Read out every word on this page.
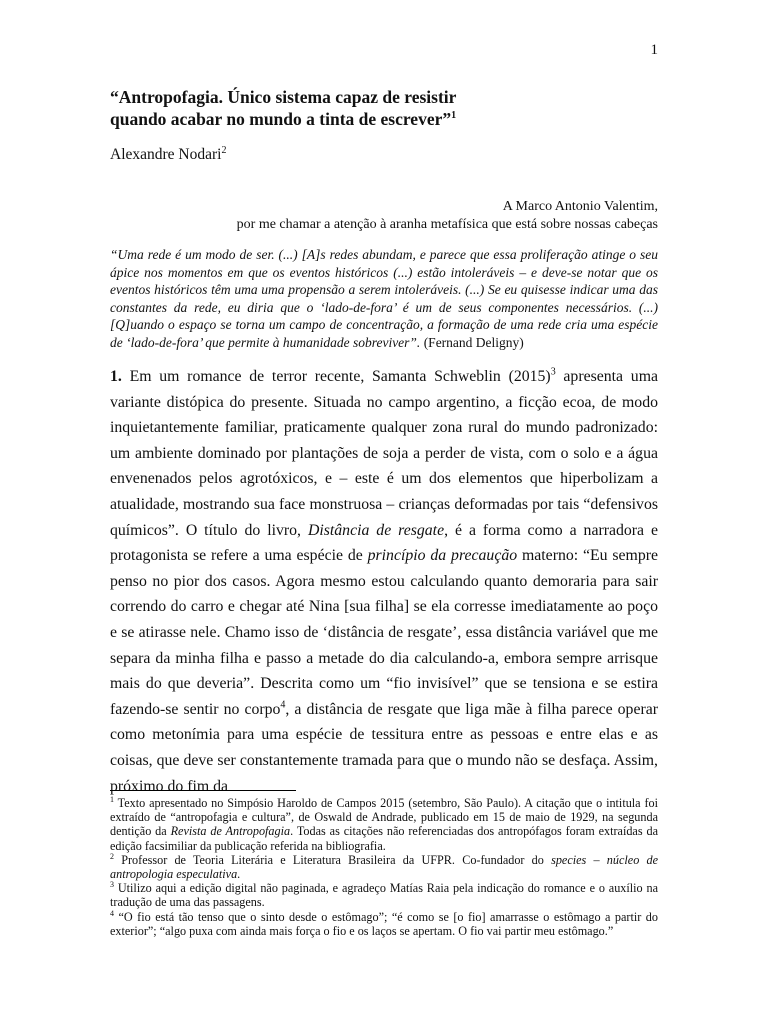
1
“Antropofagia. Único sistema capaz de resistir
quando acabar no mundo a tinta de escrever”$^1$
Alexandre Nodari$^2$
A Marco Antonio Valentim,
por me chamar a atenção à aranha metafísica que está sobre nossas cabeças

“Uma rede é um modo de ser. (...) [A]s redes abundam, e parece que essa proliferação atinge o seu ápice nos momentos em que os eventos históricos (...) estão intoleráveis – e deve-se notar que os eventos históricos têm uma uma propensão a serem intoleráveis. (...) Se eu quisesse indicar uma das constantes da rede, eu diria que o ‘lado-de-fora’ é um de seus componentes necessários. (...) [Q]uando o espaço se torna um campo de concentração, a formação de uma rede cria uma espécie de ‘lado-de-fora’ que permite à humanidade sobreviver”. (Fernand Deligny)

1. Em um romance de terror recente, Samanta Schweblin $(2015)^3$ apresenta uma variante distópica do presente. Situada no campo argentino, a ficção ecoa, de modo inquietantemente familiar, praticamente qualquer zona rural do mundo padronizado: um ambiente dominado por plantações de soja a perder de vista, com o solo e a água envenenados pelos agrotóxicos, e – este é um dos elementos que hiperbolizam a atualidade, mostrando sua face monstruosa – crianças deformadas por tais “defensivos químicos”. O título do livro, Distância de resgate, é a forma como a narradora e protagonista se refere a uma espécie de princípio da precaução materno: “Eu sempre penso no pior dos casos. Agora mesmo estou calculando quanto demoraria para sair correndo do carro e chegar até Nina [sua filha] se ela corresse imediatamente ao poço e se atirasse nele. Chamo isso de ‘distância de resgate’, essa distância variável que me separa da minha filha e passo a metade do dia calculando-a, embora sempre arrisque mais do que deveria”. Descrita como um “fio invisível” que se tensiona e se estira fazendo-se sentir no corpo$^4$, a distância de resgate que liga mãe à filha parece operar como metonímia para uma espécie de tessitura entre as pessoas e entre elas e as coisas, que deve ser constantemente tramada para que o mundo não se desfaça. Assim, próximo do fim da

$^1$ Texto apresentado no Simpósio Haroldo de Campos 2015 (setembro, São Paulo). A citação que o intitula foi extraído de “antropofagia e cultura”, de Oswald de Andrade, publicado em 15 de maio de 1929, na segunda dentição da Revista de Antropofagia. Todas as citações não referenciadas dos antropófagos foram extraídas da edição facsimiliar da publicação referida na bibliografia.

$^2$ Professor de Teoria Literária e Literatura Brasileira da UFPR. Co-fundador do species – núcleo de antropologia especulativa.

$^3$ Utilizo aqui a edição digital não paginada, e agradeço Matías Raia pela indicação do romance e o auxílio na tradução de uma das passagens.

$^4$ “O fio está tão tenso que o sinto desde o estômago”; “é como se [o fio] amarrasse o estômago a partir do exterior”; “algo puxa com ainda mais força o fio e os laços se apertam. O fio vai partir meu estômago.”
